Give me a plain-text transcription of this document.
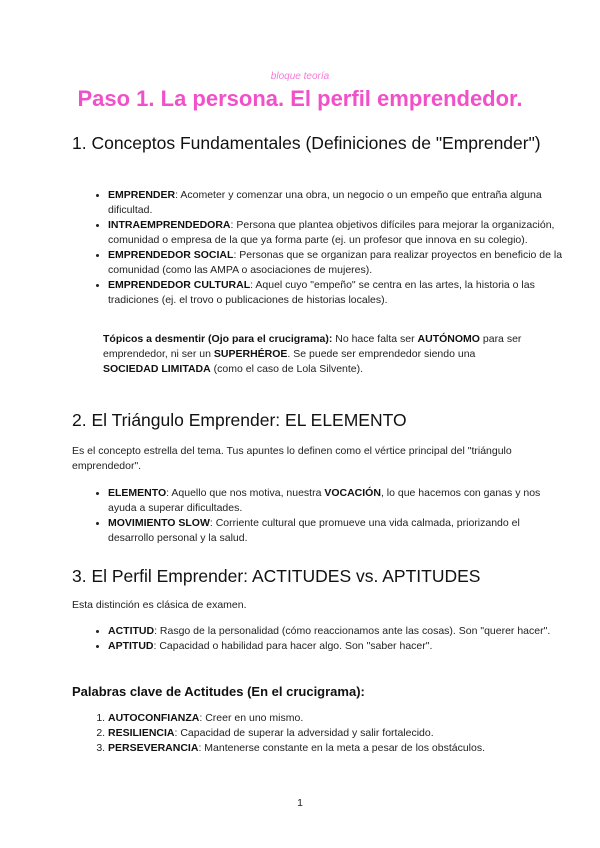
bloque teoría
Paso 1. La persona. El perfil emprendedor.
1. Conceptos Fundamentales (Definiciones de "Emprender")
• EMPRENDER: Acometer y comenzar una obra, un negocio o un empeño que entraña alguna dificultad.
• INTRAEMPRENDEDORA: Persona que plantea objetivos difíciles para mejorar la organización, comunidad o empresa de la que ya forma parte (ej. un profesor que innova en su colegio).
• EMPRENDEDOR SOCIAL: Personas que se organizan para realizar proyectos en beneficio de la comunidad (como las AMPA o asociaciones de mujeres).
• EMPRENDEDOR CULTURAL: Aquel cuyo "empeño" se centra en las artes, la historia o las tradiciones (ej. el trovo o publicaciones de historias locales).

Tópicos a desmentir (Ojo para el crucigrama): No hace falta ser AUTÓNOMO para ser emprendedor, ni ser un SUPERHÉROE. Se puede ser emprendedor siendo una SOCIEDAD LIMITADA (como el caso de Lola Silvente).

2. El Triángulo Emprender: EL ELEMENTO

Es el concepto estrella del tema. Tus apuntes lo definen como el vértice principal del "triángulo emprendedor".

• ELEMENTO: Aquello que nos motiva, nuestra VOCACIÓN, lo que hacemos con ganas y nos ayuda a superar dificultades.
• MOVIMIENTO SLOW: Corriente cultural que promueve una vida calmada, priorizando el desarrollo personal y la salud.
3. El Perfil Emprender: ACTITUDES vs. APTITUDES

Esta distinción es clásica de examen.

• ACTITUD: Rasgo de la personalidad (cómo reaccionamos ante las cosas). Son "querer hacer".
• APTITUD: Capacidad o habilidad para hacer algo. Son "saber hacer".
Palabras clave de Actitudes (En el crucigrama):
1. AUTOCONFIANZA: Creer en uno mismo.
2. RESILIENCIA: Capacidad de superar la adversidad y salir fortalecido.
3. PERSEVERANCIA: Mantenerse constante en la meta a pesar de los obstáculos.
1
